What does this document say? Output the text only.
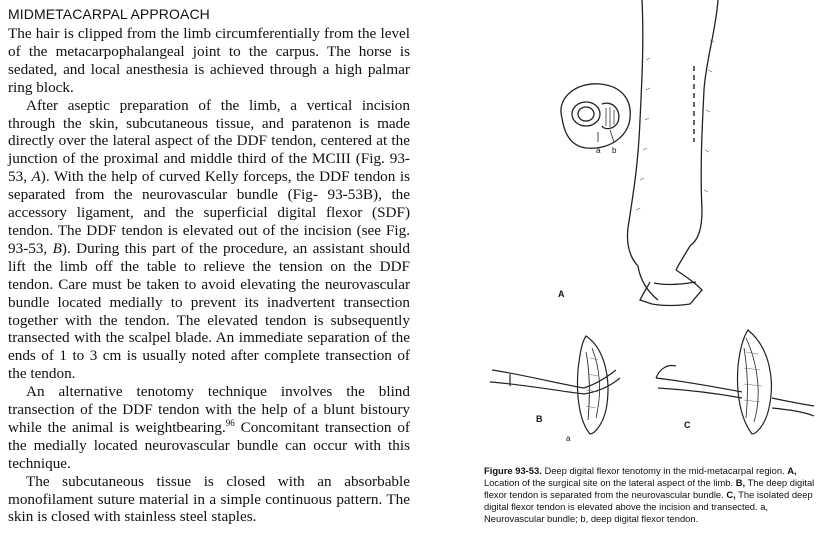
MIDMETACARPAL APPROACH

The hair is clipped from the limb circumferentially from the level of the metacarpophalangeal joint to the carpus. The horse is sedated, and local anesthesia is achieved through a high palmar ring block.

After aseptic preparation of the limb, a vertical incision through the skin, subcutaneous tissue, and paratenon is made directly over the lateral aspect of the DDF tendon, centered at the junction of the proximal and middle third of the MCIII (Fig. 93-53, A). With the help of curved Kelly forceps, the DDF tendon is separated from the neurovascular bundle (Fig- 93-53B), the accessory ligament, and the superficial digital flexor (SDF) tendon. The DDF tendon is elevated out of the incision (see Fig. 93-53, B). During this part of the procedure, an assistant should lift the limb off the table to relieve the tension on the DDF tendon. Care must be taken to avoid elevating the neurovascular bundle located medially to prevent its inadvertent transection together with the tendon. The elevated tendon is subsequently transected with the scalpel blade. An immediate separation of the ends of 1 to 3 cm is usually noted after complete transection of the tendon.

An alternative tenotomy technique involves the blind transection of the DDF tendon with the help of a blunt bistoury while the animal is weightbearing.$^{96}$ Concomitant transection of the medially located neurovascular bundle can occur with this technique.

The subcutaneous tissue is closed with an absorbable monofilament suture material in a simple continuous pattern. The skin is closed with stainless steel staples.

a b
A
B
a
C
Figure 93-53. Deep digital flexor tenotomy in the mid-metacarpal region. A, Location of the surgical site on the lateral aspect of the limb. B, The deep digital flexor tendon is separated from the neurovascular bundle. C, The isolated deep digital flexor tendon is elevated above the incision and transected. a, Neurovascular bundle; b, deep digital flexor tendon.
